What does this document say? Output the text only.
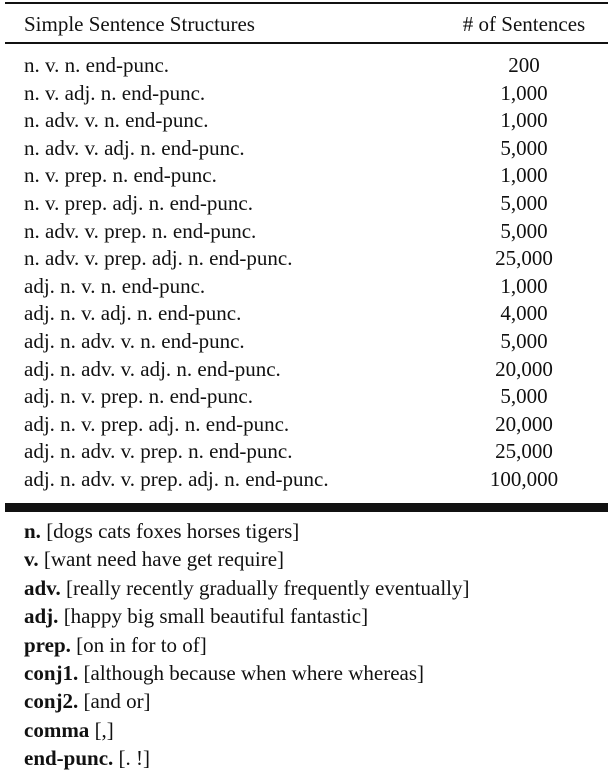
Simple Sentence Structures	# of Sentences
n. v. n. end-punc.	200
n. v. adj. n. end-punc.	1,000
n. adv. v. n. end-punc.	1,000
n. adv. v. adj. n. end-punc.	5,000
n. v. prep. n. end-punc.	1,000
n. v. prep. adj. n. end-punc.	5,000
n. adv. v. prep. n. end-punc.	5,000
n. adv. v. prep. adj. n. end-punc.	25,000
adj. n. v. n. end-punc.	1,000
adj. n. v. adj. n. end-punc.	4,000
adj. n. adv. v. n. end-punc.	5,000
adj. n. adv. v. adj. n. end-punc.	20,000
adj. n. v. prep. n. end-punc.	5,000
adj. n. v. prep. adj. n. end-punc.	20,000
adj. n. adv. v. prep. n. end-punc.	25,000
adj. n. adv. v. prep. adj. n. end-punc.	100,000
n. [dogs cats foxes horses tigers]
v. [want need have get require]
adv. [really recently gradually frequently eventually]
adj. [happy big small beautiful fantastic]
prep. [on in for to of]
conj1. [although because when where whereas]
conj2. [and or]
comma [,]
end-punc. [. !]
